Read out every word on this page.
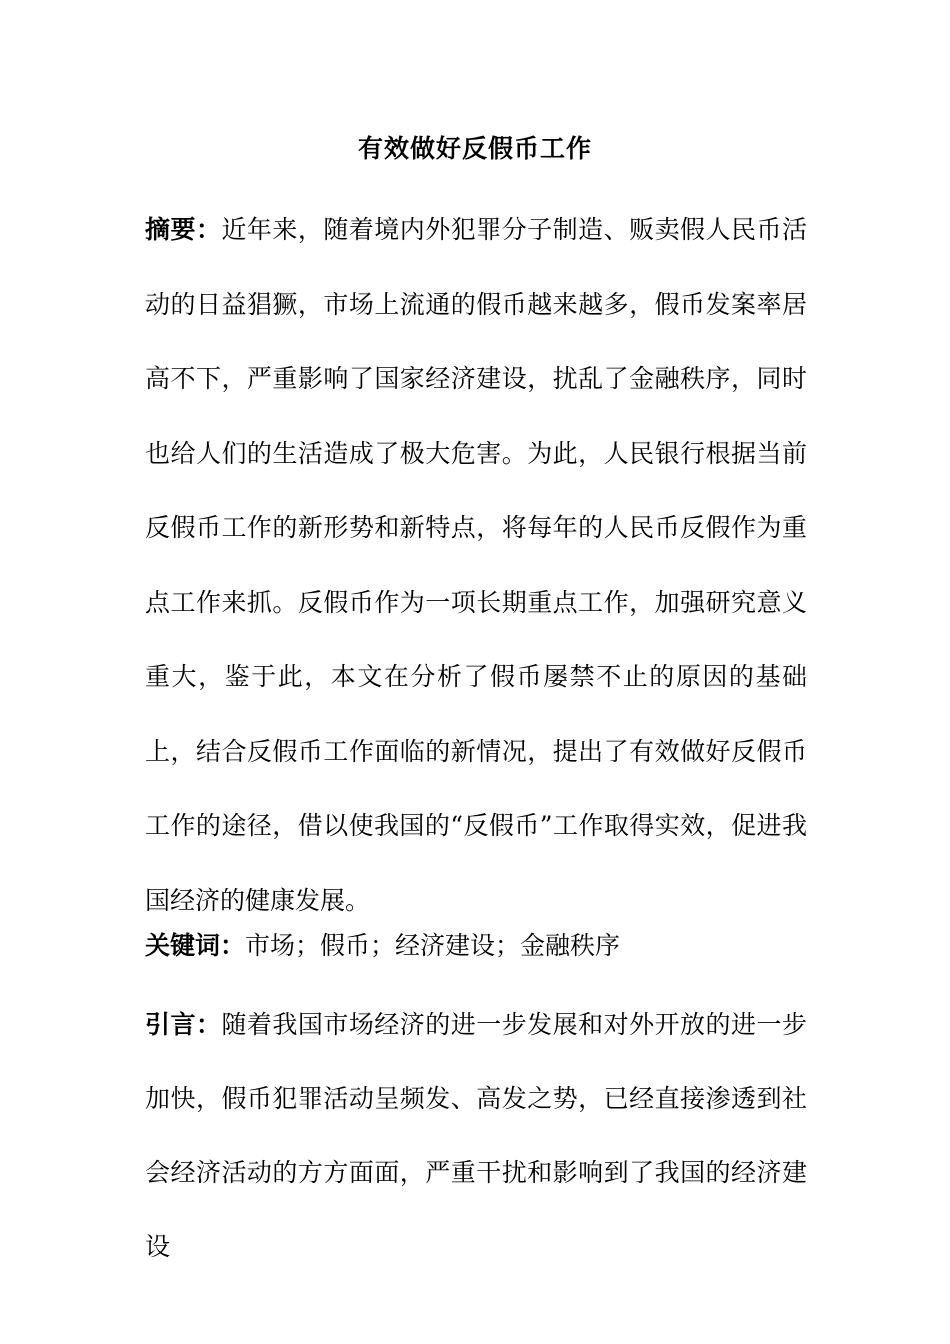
有效做好反假币工作
摘要：近年来，随着境内外犯罪分子制造、贩卖假人民币活动的日益猖獗，市场上流通的假币越来越多，假币发案率居高不下，严重影响了国家经济建设，扰乱了金融秩序，同时也给人们的生活造成了极大危害。为此，人民银行根据当前反假币工作的新形势和新特点，将每年的人民币反假作为重点工作来抓。反假币作为一项长期重点工作，加强研究意义重大，鉴于此，本文在分析了假币屡禁不止的原因的基础上，结合反假币工作面临的新情况，提出了有效做好反假币工作的途径，借以使我国的“反假币”工作取得实效，促进我国经济的健康发展。
关键词：市场；假币；经济建设；金融秩序
引言：随着我国市场经济的进一步发展和对外开放的进一步加快，假币犯罪活动呈频发、高发之势，已经直接渗透到社会经济活动的方方面面，严重干扰和影响到了我国的经济建设
